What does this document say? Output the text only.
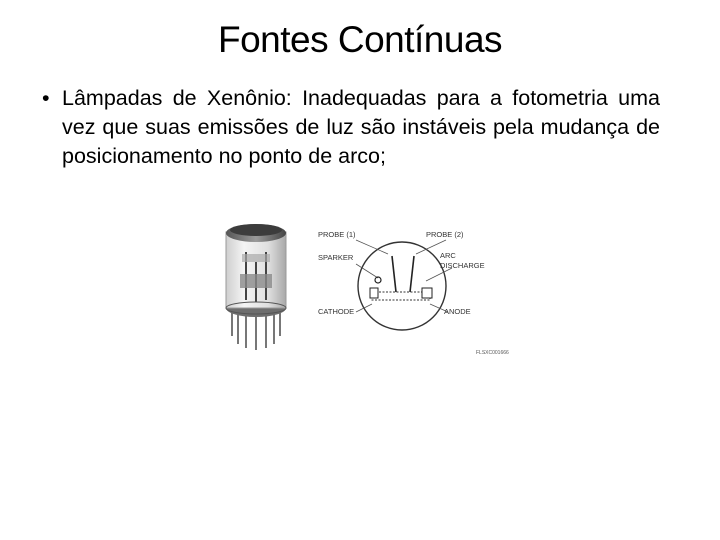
Fontes Contínuas
• Lâmpadas de Xenônio: Inadequadas para a fotometria uma vez que suas emissões de luz são instáveis pela mudança de posicionamento no ponto de arco;
PROBE (1)	PROBE (2)
SPARKER	ARC
DISCHARGE
CATHODE	ANODE
FLSXC001666
